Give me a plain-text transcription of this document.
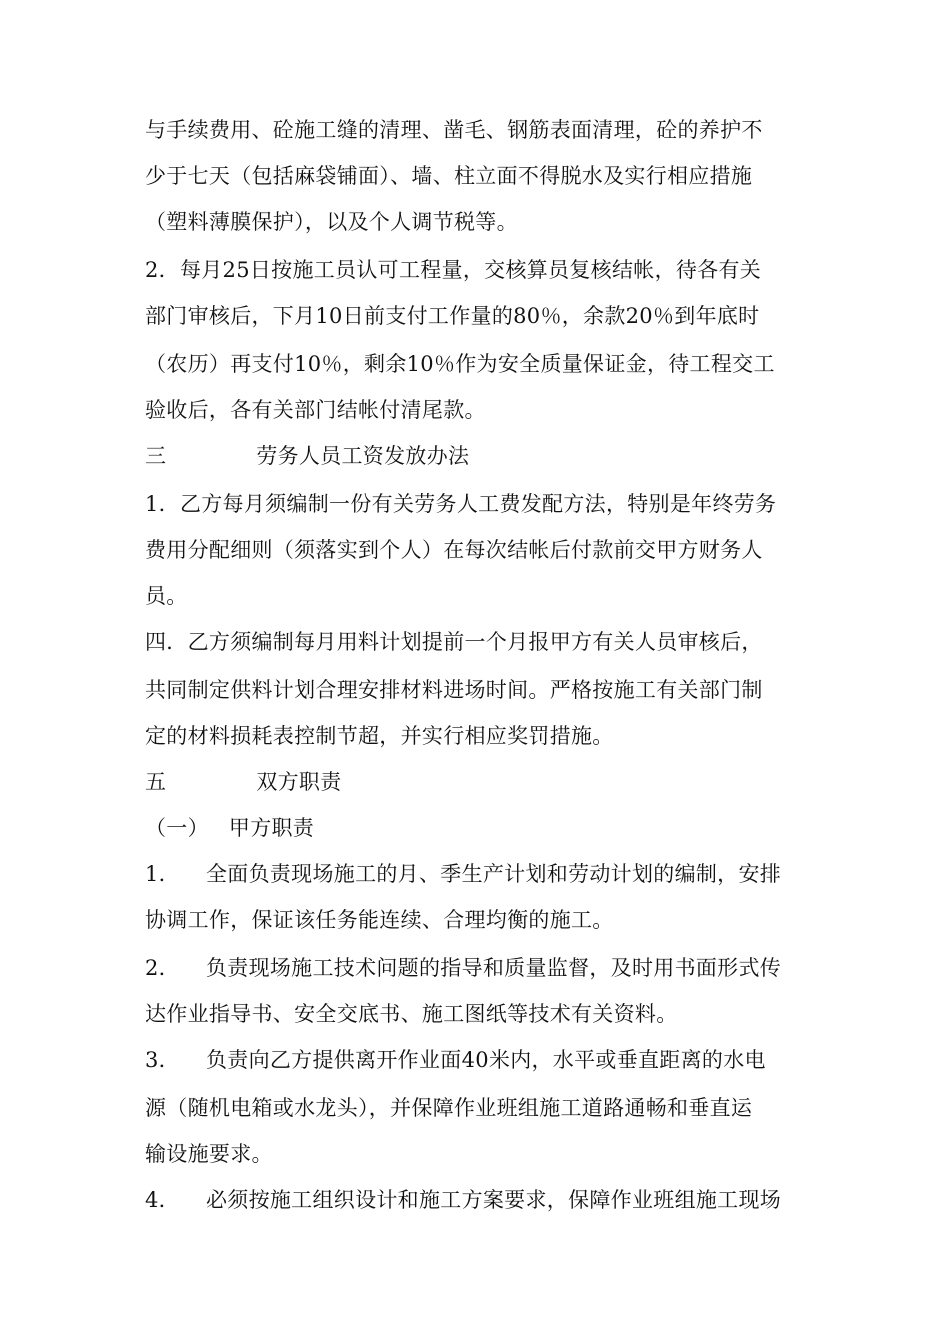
与手续费用、砼施工缝的清理、凿毛、钢筋表面清理，砼的养护不
少于七天（包括麻袋铺面）、墙、柱立面不得脱水及实行相应措施
（塑料薄膜保护），以及个人调节税等。
2．每月25日按施工员认可工程量，交核算员复核结帐，待各有关
部门审核后，下月10日前支付工作量的80％，余款20％到年底时
（农历）再支付10％，剩余10％作为安全质量保证金，待工程交工
验收后，各有关部门结帐付清尾款。
三	劳务人员工资发放办法
1．乙方每月须编制一份有关劳务人工费发配方法，特别是年终劳务
费用分配细则（须落实到个人）在每次结帐后付款前交甲方财务人
员。
四．乙方须编制每月用料计划提前一个月报甲方有关人员审核后，
共同制定供料计划合理安排材料进场时间。严格按施工有关部门制
定的材料损耗表控制节超，并实行相应奖罚措施。
五	双方职责
（一） 甲方职责
1． 全面负责现场施工的月、季生产计划和劳动计划的编制，安排
协调工作，保证该任务能连续、合理均衡的施工。
2． 负责现场施工技术问题的指导和质量监督，及时用书面形式传
达作业指导书、安全交底书、施工图纸等技术有关资料。
3． 负责向乙方提供离开作业面40米内，水平或垂直距离的水电
源（随机电箱或水龙头），并保障作业班组施工道路通畅和垂直运
输设施要求。
4． 必须按施工组织设计和施工方案要求，保障作业班组施工现场
